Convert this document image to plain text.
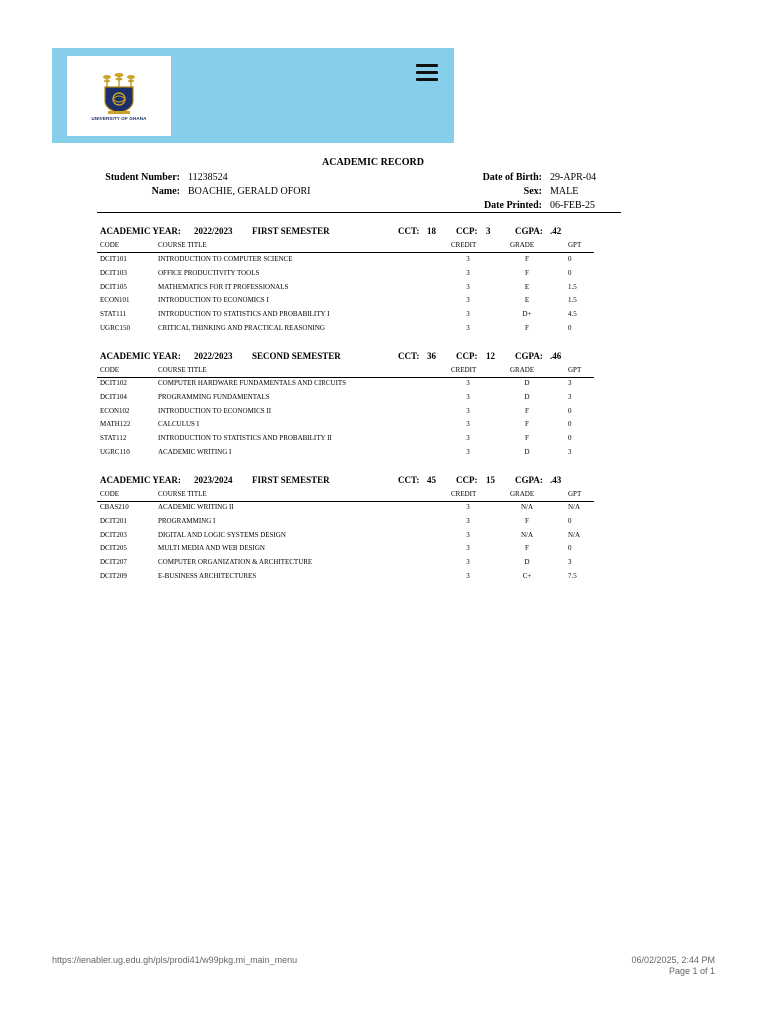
UNIVERSITY OF GHANA
ACADEMIC RECORD
Student Number: 11238524
Name: BOACHIE, GERALD OFORI
Date of Birth: 29-APR-04
Sex: MALE
Date Printed: 06-FEB-25
ACADEMIC YEAR: 2022/2023 FIRST SEMESTER	CCT: 18 CCP: 3	CGPA: .42
CODE	COURSE TITLE	CREDIT	GRADE	GPT
DCIT101	INTRODUCTION TO COMPUTER SCIENCE	3	F	0
DCIT103	OFFICE PRODUCTIVITY TOOLS	3	F	0
DCIT105	MATHEMATICS FOR IT PROFESSIONALS	3	E	1.5
ECON101	INTRODUCTION TO ECONOMICS I	3	E	1.5
STAT111	INTRODUCTION TO STATISTICS AND PROBABILITY I	3	D+	4.5
UGRC150	CRITICAL THINKING AND PRACTICAL REASONING	3	F	0
ACADEMIC YEAR: 2022/2023 SECOND SEMESTER	CCT: 36 CCP: 12 CGPA: .46
CODE	COURSE TITLE	CREDIT	GRADE	GPT
DCIT102	COMPUTER HARDWARE FUNDAMENTALS AND CIRCUITS	3	D	3
DCIT104	PROGRAMMING FUNDAMENTALS	3	D	3
ECON102	INTRODUCTION TO ECONOMICS II	3	F	0
MATH122	CALCULUS I	3	F	0
STAT112	INTRODUCTION TO STATISTICS AND PROBABILITY II	3	F	0
UGRC110	ACADEMIC WRITING I	3	D	3
ACADEMIC YEAR: 2023/2024 FIRST SEMESTER	CCT: 45 CCP: 15 CGPA: .43
CODE	COURSE TITLE	CREDIT	GRADE	GPT
CBAS210	ACADEMIC WRITING II	3	N/A	N/A
DCIT201	PROGRAMMING I	3	F	0
DCIT203	DIGITAL AND LOGIC SYSTEMS DESIGN	3	N/A	N/A
DCIT205	MULTI MEDIA AND WEB DESIGN	3	F	0
DCIT207	COMPUTER ORGANIZATION & ARCHITECTURE	3	D	3
DCIT209	E-BUSINESS ARCHITECTURES	3	C+	7.5
https://ienabler.ug.edu.gh/pls/prodi41/w99pkg.mi_main_menu	06/02/2025, 2:44 PM
Page 1 of 1
